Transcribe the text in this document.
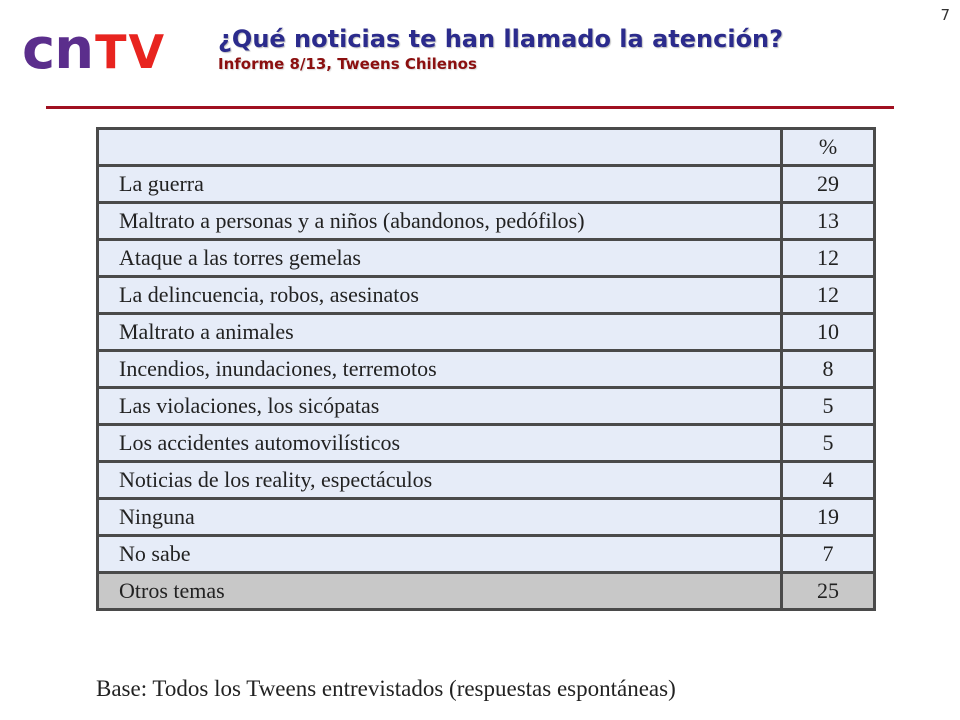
7
cnTV ¿Qué noticias te han llamado la atención?
Informe 8/13, Tweens Chilenos
	%
La guerra	29
Maltrato a personas y a niños (abandonos, pedófilos)	13
Ataque a las torres gemelas	12
La delincuencia, robos, asesinatos	12
Maltrato a animales	10
Incendios, inundaciones, terremotos	8
Las violaciones, los sicópatas	5
Los accidentes automovilísticos	5
Noticias de los reality, espectáculos	4
Ninguna	19
No sabe	7
Otros temas	25
Base: Todos los Tweens entrevistados (respuestas espontáneas)
